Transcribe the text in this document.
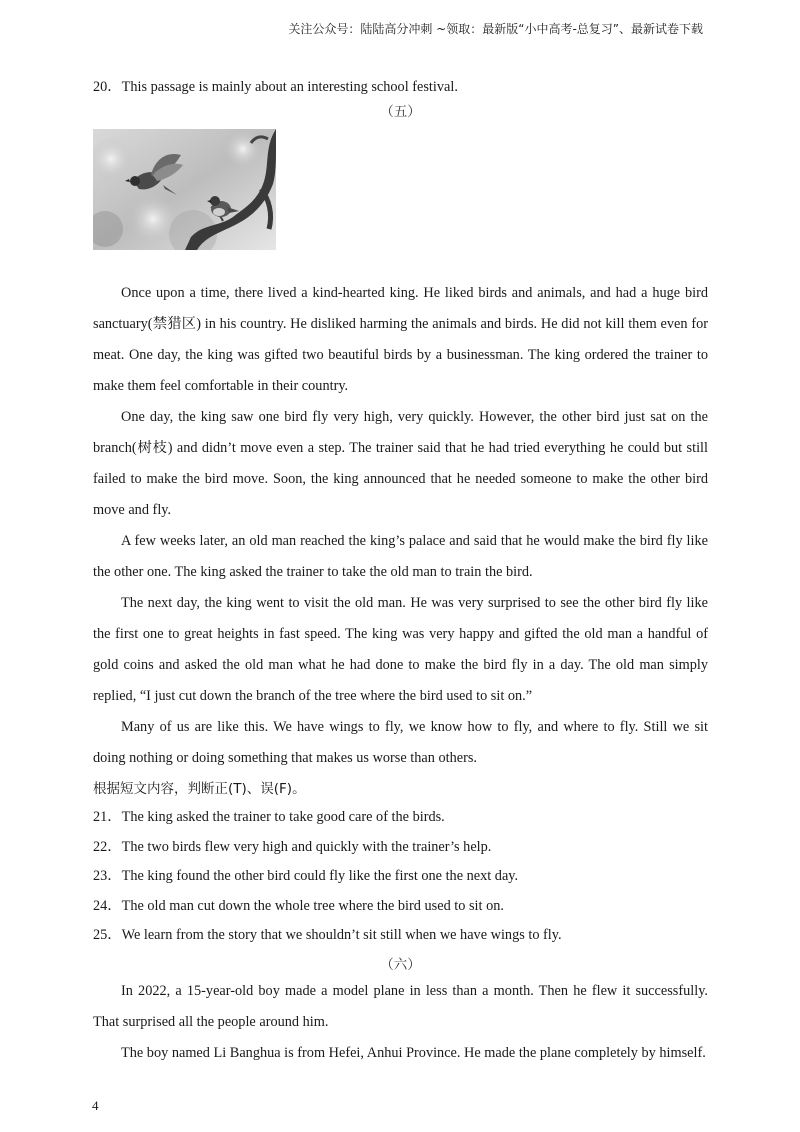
关注公众号：陆陆高分冲刺 ~领取：最新版“小中高考-总复习”、最新试卷下载

20．This passage is mainly about an interesting school festival.

（五）

Once upon a time, there lived a kind-hearted king. He liked birds and animals, and had a huge bird sanctuary(禁猎区) in his country. He disliked harming the animals and birds. He did not kill them even for meat. One day, the king was gifted two beautiful birds by a businessman. The king ordered the trainer to make them feel comfortable in their country.

One day, the king saw one bird fly very high, very quickly. However, the other bird just sat on the branch(树枝) and didn’t move even a step. The trainer said that he had tried everything he could but still failed to make the bird move. Soon, the king announced that he needed someone to make the other bird move and fly.

A few weeks later, an old man reached the king’s palace and said that he would make the bird fly like the other one. The king asked the trainer to take the old man to train the bird.

The next day, the king went to visit the old man. He was very surprised to see the other bird fly like the first one to great heights in fast speed. The king was very happy and gifted the old man a handful of gold coins and asked the old man what he had done to make the bird fly in a day. The old man simply replied, “I just cut down the branch of the tree where the bird used to sit on.”

Many of us are like this. We have wings to fly, we know how to fly, and where to fly. Still we sit doing nothing or doing something that makes us worse than others.

根据短文内容，判断正(T)、误(F)。

21．The king asked the trainer to take good care of the birds.

22．The two birds flew very high and quickly with the trainer’s help.

23．The king found the other bird could fly like the first one the next day.

24．The old man cut down the whole tree where the bird used to sit on.

25．We learn from the story that we shouldn’t sit still when we have wings to fly.

（六）

In 2022, a 15-year-old boy made a model plane in less than a month. Then he flew it successfully. That surprised all the people around him.

The boy named Li Banghua is from Hefei, Anhui Province. He made the plane completely by himself.

4
